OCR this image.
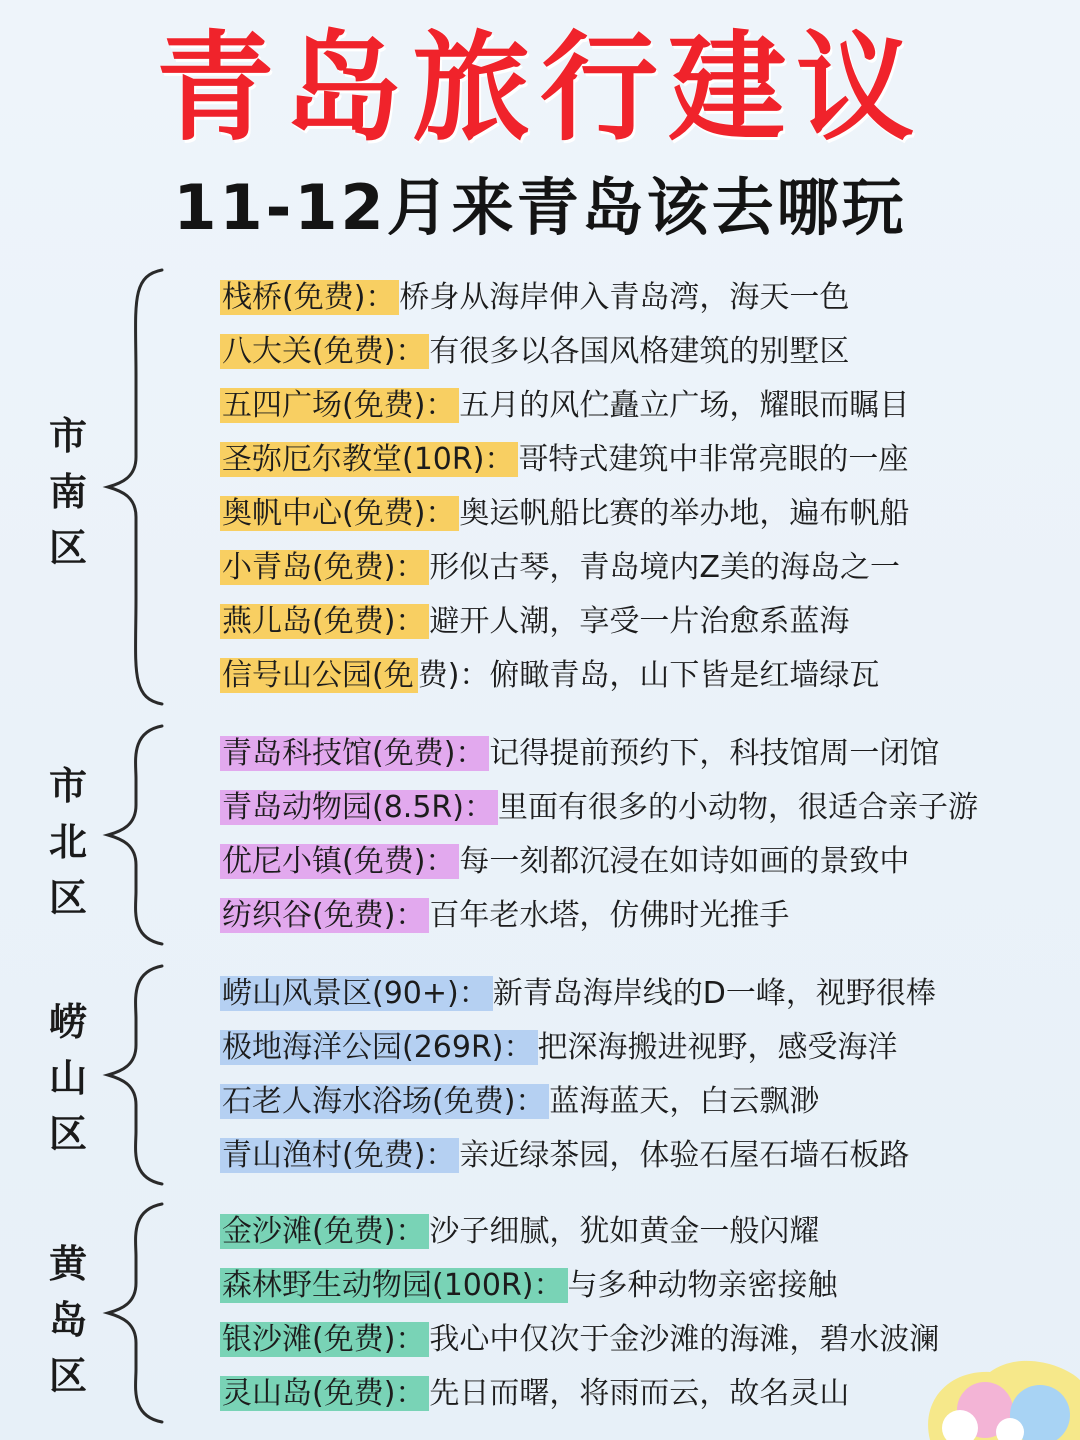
青岛旅行建议
11-12月来青岛该去哪玩
市
南
区
栈桥(免费)： 桥身从海岸伸入青岛湾，海天一色
八大关(免费)： 有很多以各国风格建筑的别墅区
五四广场(免费)： 五月的风伫矗立广场，耀眼而瞩目
圣弥厄尔教堂(10R)： 哥特式建筑中非常亮眼的一座
奥帆中心(免费)： 奥运帆船比赛的举办地，遍布帆船
小青岛(免费)： 形似古琴，青岛境内Z美的海岛之一
燕儿岛(免费)： 避开人潮，享受一片治愈系蓝海
信号山公园(免 费)：俯瞰青岛，山下皆是红墙绿瓦
市
北
区
青岛科技馆(免费)： 记得提前预约下，科技馆周一闭馆
青岛动物园(8.5R)： 里面有很多的小动物，很适合亲子游
优尼小镇(免费)： 每一刻都沉浸在如诗如画的景致中
纺织谷(免费)： 百年老水塔，仿佛时光推手
崂
山
区
崂山风景区(90+)： 新青岛海岸线的D一峰，视野很棒
极地海洋公园(269R)： 把深海搬进视野，感受海洋
石老人海水浴场(免费)： 蓝海蓝天，白云飘渺
青山渔村(免费)： 亲近绿茶园，体验石屋石墙石板路
黄
岛
区
金沙滩(免费)： 沙子细腻，犹如黄金一般闪耀
森林野生动物园(100R)： 与多种动物亲密接触
银沙滩(免费)： 我心中仅次于金沙滩的海滩，碧水波澜
灵山岛(免费)： 先日而曙，将雨而云，故名灵山
